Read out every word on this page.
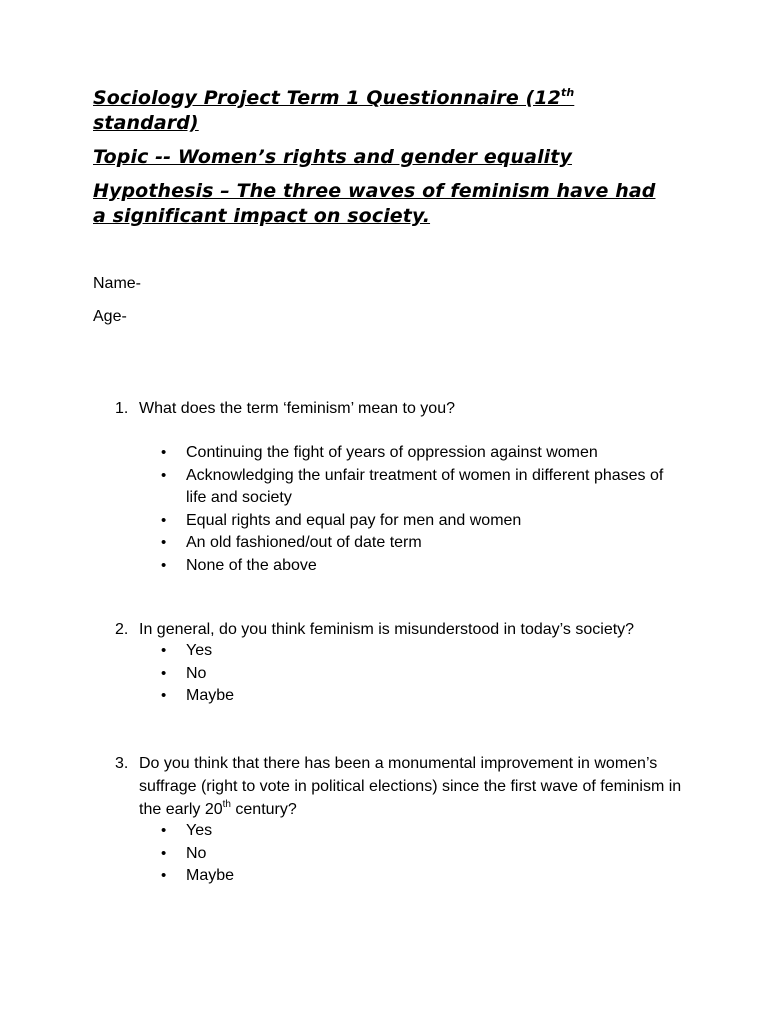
Sociology Project Term 1 Questionnaire (12th standard)
Topic -- Women’s rights and gender equality
Hypothesis – The three waves of feminism have had a significant impact on society.
Name-
Age-
1. What does the term ‘feminism’ mean to you?
• Continuing the fight of years of oppression against women
• Acknowledging the unfair treatment of women in different phases of life and society
• Equal rights and equal pay for men and women
• An old fashioned/out of date term
• None of the above
2. In general, do you think feminism is misunderstood in today’s society?
• Yes
• No
• Maybe
3. Do you think that there has been a monumental improvement in women’s suffrage (right to vote in political elections) since the first wave of feminism in the early 20th century?
• Yes
• No
• Maybe
